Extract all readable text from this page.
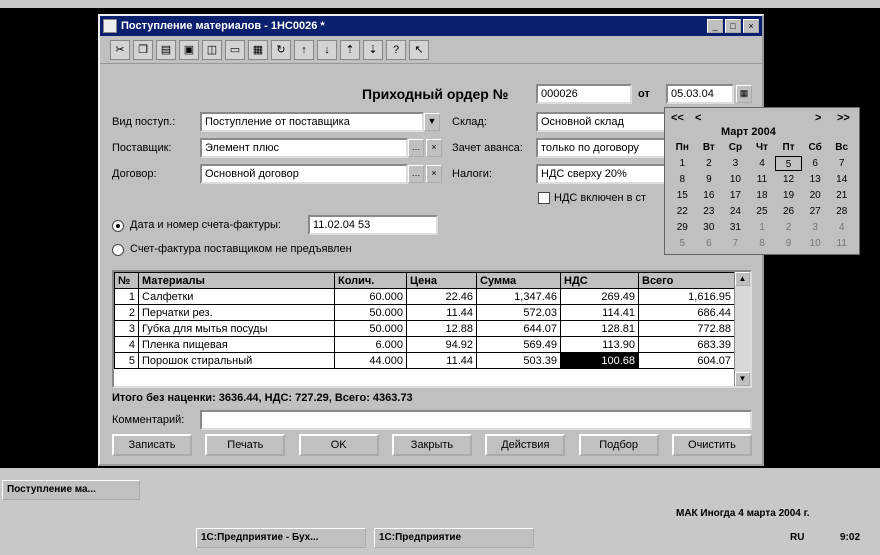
Поступление материалов - 1НС0026 *	_	□	×
✂	❐	▤	▣	◫	▭	▦	↻	↑	↓	⇡	⇣	?	↖
Приходный ордер №	000026	от	05.03.04	▦
Вид поступ.:	Поступление от поставщика	▼
Поставщик:	Элемент плюс	…	×
Договор:	Основной договор	…	×
Склад:	Основной склад
Зачет аванса:	только по договору
Налоги:	НДС сверху 20%
НДС включен в ст
Дата и номер счета-фактуры:	11.02.04 53
Счет-фактура поставщиком не предъявлен
№	Материалы	Колич.	Цена	Сумма	НДС	Всего
1	Салфетки	60.000	22.46	1,347.46	269.49	1,616.95
2	Перчатки рез.	50.000	11.44	572.03	114.41	686.44
3	Губка для мытья посуды	50.000	12.88	644.07	128.81	772.88
4	Пленка пищевая	6.000	94.92	569.49	113.90	683.39
5	Порошок стиральный	44.000	11.44	503.39	100.68	604.07
▲
▼
Итого без наценки: 3636.44, НДС: 727.29, Всего: 4363.73
Комментарий:
Записать	Печать	OK	Закрыть	Действия	Подбор	Очистить
<< <	> >>
Март 2004
Пн	Вт	Ср	Чт	Пт	Сб	Вс
1	2	3	4	5	6	7
8	9	10	11	12	13	14
15	16	17	18	19	20	21
22	23	24	25	26	27	28
29	30	31	1	2	3	4
5	6	7	8	9	10	11
Поступление ма...
МАК Иногда 4 марта 2004 г.
1С:Предприятие - Бух...	1С:Предприятие	RU	9:02
